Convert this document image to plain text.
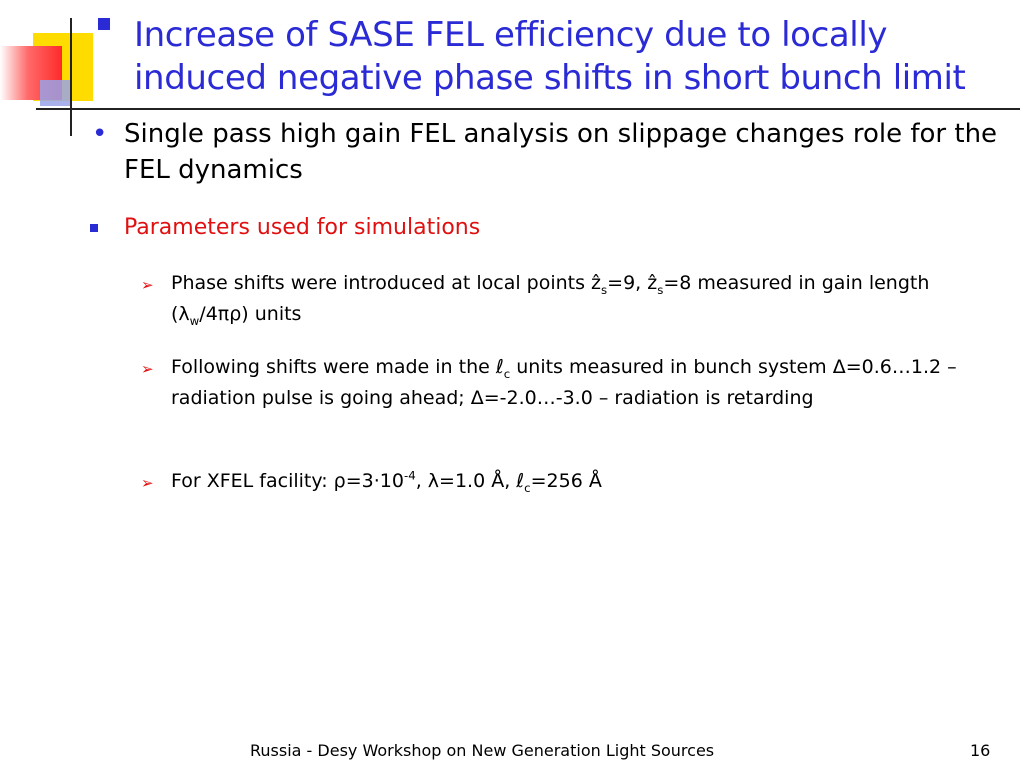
Increase of SASE FEL efficiency due to locally induced negative phase shifts in short bunch limit
• Single pass high gain FEL analysis on slippage changes role for the FEL dynamics
Parameters used for simulations
➢ Phase shifts were introduced at local points ẑ$_s$=9, ẑ$_s$=8 measured in gain length $(\lambda_w/4\pi\rho)$ units
➢ Following shifts were made in the ℓ$_c$ units measured in bunch system Δ=0.6…1.2 – radiation pulse is going ahead; Δ=-2.0…-3.0 – radiation is retarding
➢ For XFEL facility: $\rho=3\cdot 10^{-4}$, λ=1.0 Å, ℓ$_c$=256 Å
Russia - Desy Workshop on New Generation Light Sources	16
